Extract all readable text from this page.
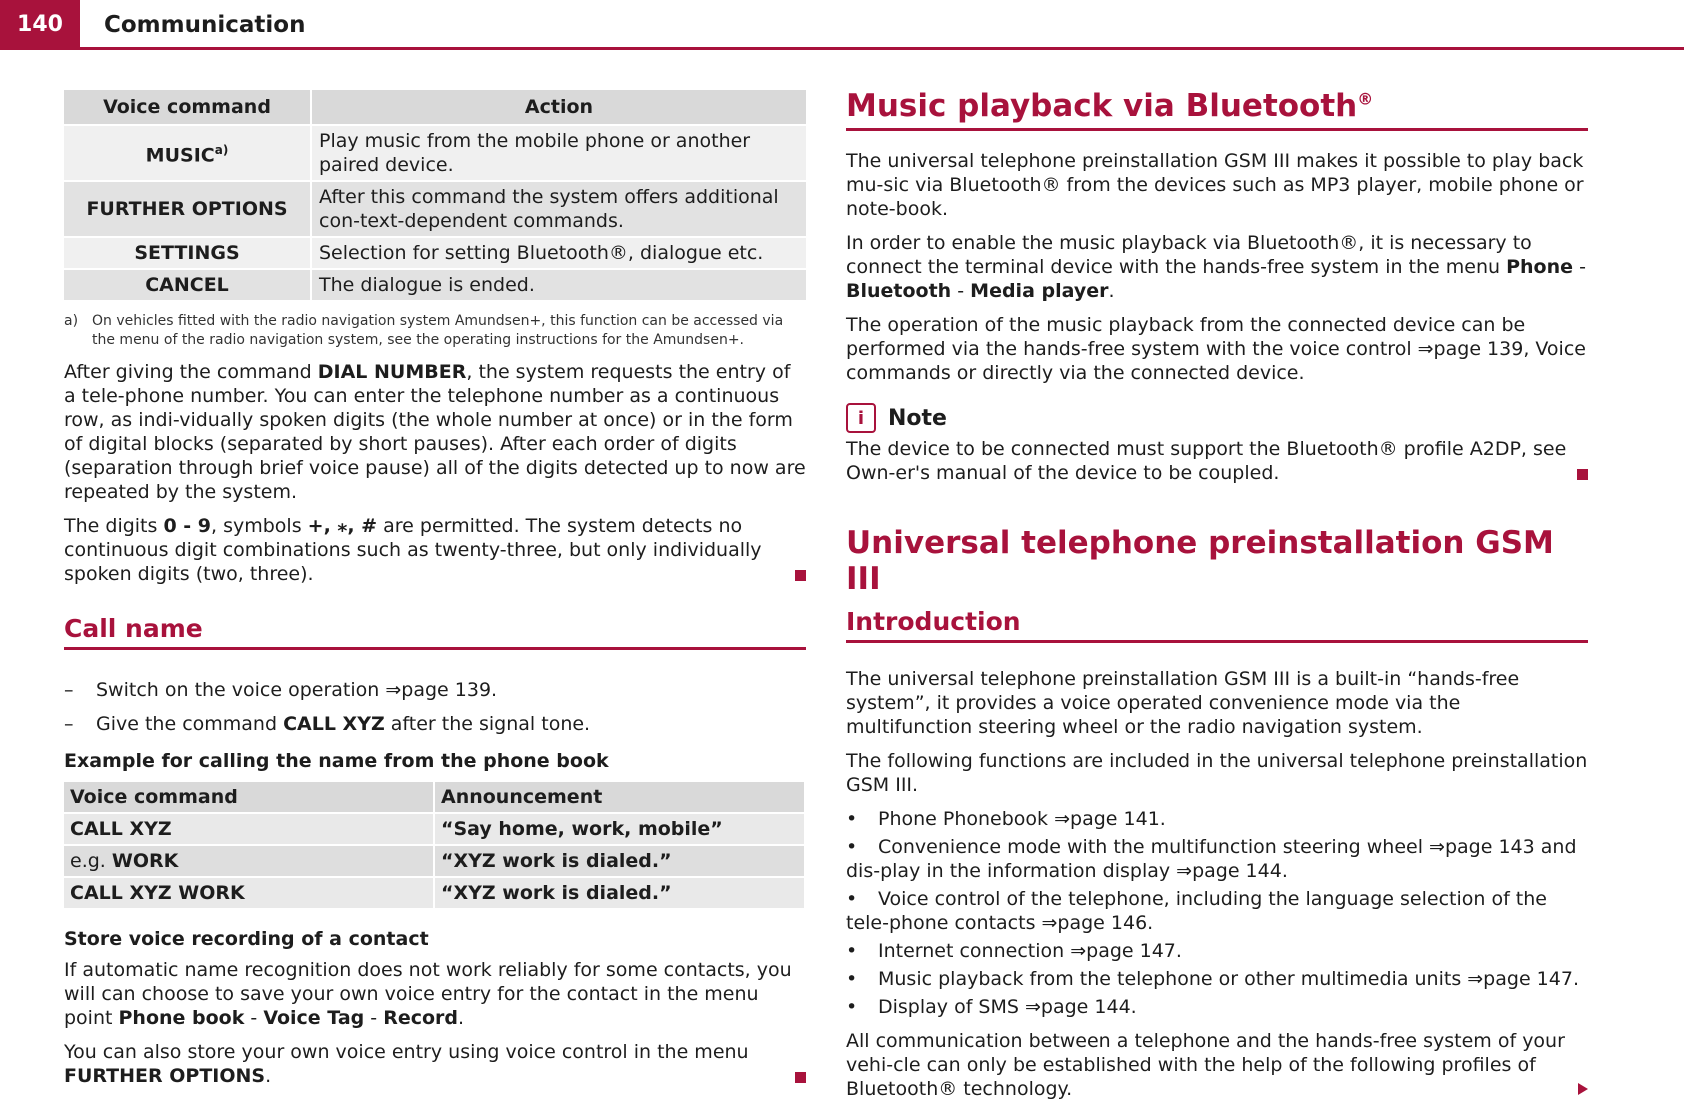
140	Communication
Voice command	Action
MUSIC$^{a)}$	Play music from the mobile phone or another paired device.
FURTHER OPTIONS	After this command the system offers additional con-text-dependent commands.
SETTINGS	Selection for setting Bluetooth®, dialogue etc.
CANCEL	The dialogue is ended.
a) On vehicles fitted with the radio navigation system Amundsen+, this function can be accessed via the menu of the radio navigation system, see the operating instructions for the Amundsen+.

After giving the command DIAL NUMBER, the system requests the entry of a tele-phone number. You can enter the telephone number as a continuous row, as indi-vidually spoken digits (the whole number at once) or in the form of digital blocks (separated by short pauses). After each order of digits (separation through brief voice pause) all of the digits detected up to now are repeated by the system.

The digits 0 - 9, symbols +, ⁎, # are permitted. The system detects no continuous digit combinations such as twenty-three, but only individually spoken digits (two, three).

Call name
–	Switch on the voice operation ⇒page 139.
–	Give the command CALL XYZ after the signal tone.
Example for calling the name from the phone book
Voice command	Announcement
CALL XYZ	“Say home, work, mobile”
e.g. WORK	“XYZ work is dialed.”
CALL XYZ WORK	“XYZ work is dialed.”
Store voice recording of a contact

If automatic name recognition does not work reliably for some contacts, you will can choose to save your own voice entry for the contact in the menu point Phone book - Voice Tag - Record.

You can also store your own voice entry using voice control in the menu FURTHER OPTIONS.

Music playback via Bluetooth®

The universal telephone preinstallation GSM III makes it possible to play back mu-sic via Bluetooth® from the devices such as MP3 player, mobile phone or note-book.

In order to enable the music playback via Bluetooth®, it is necessary to connect the terminal device with the hands-free system in the menu Phone - Bluetooth - Media player.

The operation of the music playback from the connected device can be performed via the hands-free system with the voice control ⇒page 139, Voice commands or directly via the connected device.

i	Note

The device to be connected must support the Bluetooth® profile A2DP, see Own-er's manual of the device to be coupled.

Universal telephone preinstallation GSM III
Introduction

The universal telephone preinstallation GSM III is a built-in “hands-free system”, it provides a voice operated convenience mode via the multifunction steering wheel or the radio navigation system.

The following functions are included in the universal telephone preinstallation GSM III.

• Phone Phonebook ⇒page 141.
• Convenience mode with the multifunction steering wheel ⇒page 143 and dis-play in the information display ⇒page 144.
• Voice control of the telephone, including the language selection of the tele-phone contacts ⇒page 146.
• Internet connection ⇒page 147.
• Music playback from the telephone or other multimedia units ⇒page 147.
• Display of SMS ⇒page 144.

All communication between a telephone and the hands-free system of your vehi-cle can only be established with the help of the following profiles of Bluetooth® technology.
